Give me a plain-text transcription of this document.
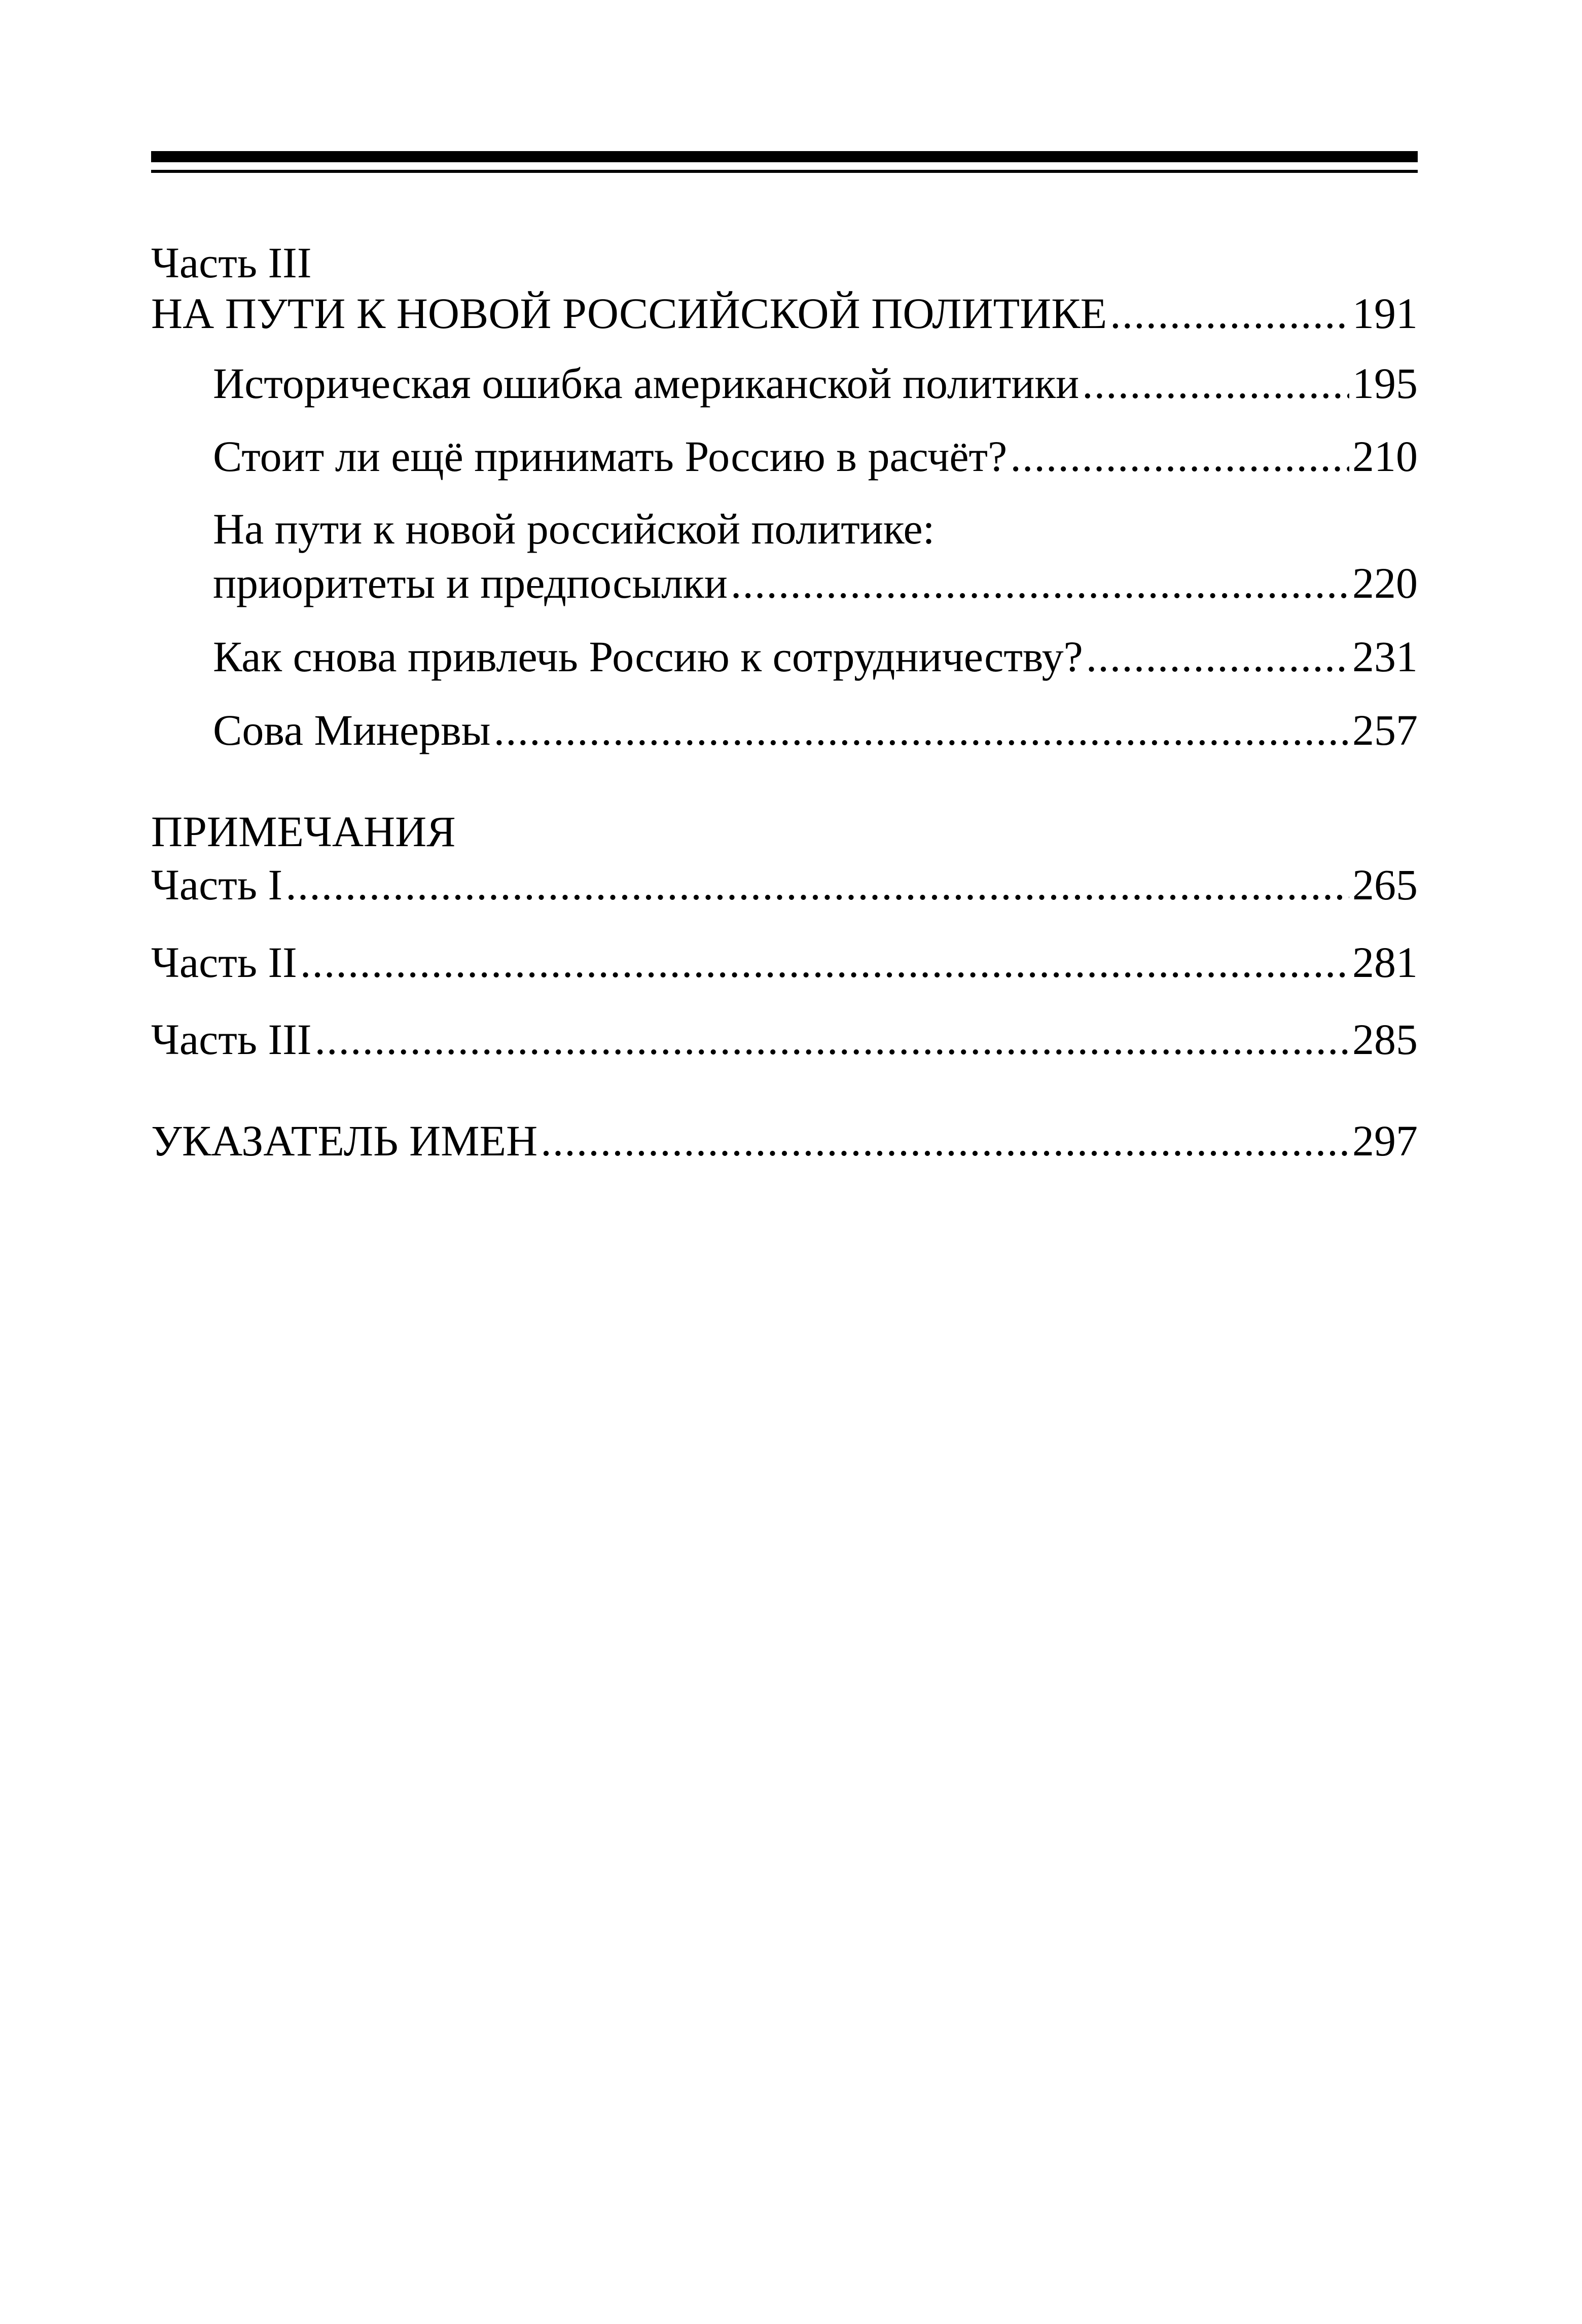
Часть III
НА ПУТИ К НОВОЙ РОССИЙСКОЙ ПОЛИТИКЕ .....	191
Историческая ошибка американской политики .....	195
Стоит ли ещё принимать Россию в расчёт? .....	210
На пути к новой российской политике:
приоритеты и предпосылки .....	220
Как снова привлечь Россию к сотрудничеству? .....	231
Сова Минервы .....	257
ПРИМЕЧАНИЯ
Часть I .....	265
Часть II .....	281
Часть III .....	285
УКАЗАТЕЛЬ ИМЕН .....	297
